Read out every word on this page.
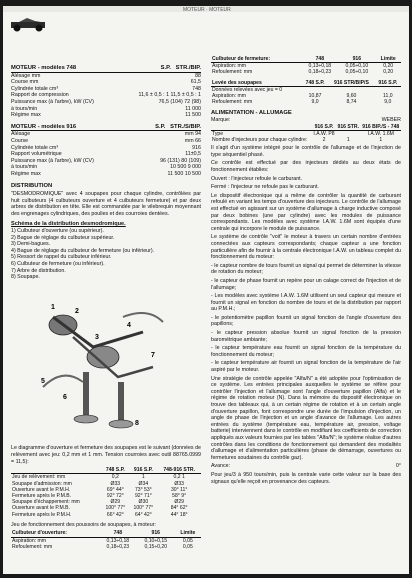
MOTEUR · MOTEUR
MOTEUR - modèles 748	S.P. STR./BIP.
Alésage mm	88
Course mm	61,5
Cylindrée totale cm³	748
Rapport de compression	11,6 ± 0,5 : 1 11,5 ± 0,5 : 1
Puissance max (à l'arbre), kW (CV)	76,5 (104) 72 (98)
à tours/min	11 000
Régime max	11 500
MOTEUR - modèles 916	S.P. STR./S/BIP.
Alésage	mm 94
Course	mm 66
Cylindrée totale cm³	916
Rapport volumétrique	11±0,5
Puissance max (à l'arbre), kW (CV)	96 (131) 80 (109)
à tours/min	10 500 9 000
Régime max	11 500 10 500
DISTRIBUTION
"DESMODROMIQUE" avec 4 soupapes pour chaque cylindre, contrôlées par huit culbuteurs (4 culbuteurs ouverture et 4 culbuteurs fermeture) et par deux arbres de distribution en tête. Elle est commandée par le vilebrequin moyennant des engrenages cylindriques, des poulies et des courroies dentées.
Schéma de la distribution desmodromique.
1) Culbuteur d'ouverture (ou supérieur).
2) Bague de réglage du culbuteur supérieur.
3) Demi-bagues.
4) Bague de réglage du culbuteur de fermeture (ou inférieur).
5) Ressort de rappel du culbuteur inférieur.
6) Culbuteur de fermeture (ou inférieur).
7) Arbre de distribution.
8) Soupape.
1
2
3
4
5
6
7
8
Le diagramme d'ouverture et fermeture des soupapes est le suivant (données de relèvement avec jeu: 0,2 mm et 1 mm. Tension courroies avec outil 88765.0999 = 11,5):
	748 S.P.	916 S.P.	748-916 STR.
Jeu de relèvement: mm	0,2	1	0,2 1
Soupape d'admission: mm	Ø33	Ø34	Ø33
Ouverture avant le P.M.H.	69° 44°	73° 53°	30° 11°
Fermeture après le P.M.B.	92° 72°	92° 71°	58° 9°
Soupape d'échappement: mm	Ø29	Ø30	Ø29
Ouverture avant le P.M.B.	100° 77°	100° 77°	84° 62°
Fermeture après le P.M.H.	66° 42°	64° 42°	44° 18°
Jeu de fonctionnement des poussoirs de soupapes, à moteur:
Culbuteur d'ouverture:	748	916	Limite
Aspiration: mm	0,13÷0,18	0,10÷0,15	0,05
Refoulement: mm	0,18÷0,23	0,15÷0,20	0,05
Culbuteur de fermeture:	748	916	Limite
Aspiration: mm	0,13÷0,18	0,05÷0,10	0,20
Refoulement: mm	0,18÷0,23	0,05÷0,10	0,20
Levée des soupapes	748 S.P.	916 STR/BIP/S	916 S.P.
Données relevées avec jeu = 0			
Aspiration: mm	10,87	9,60	11,0
Refoulement: mm	9,0	8,74	9,0
ALIMENTATION - ALLUMAGE
Marque:	WEBER
	916 S.P.	916 STR.	916 BIP./S - 748
Type	I.A.W. P8		I.A.W. 1.6M
Nombre d'injecteurs pour chaque cylindre:	2	1	1
Il s'agit d'un système intégré pour le contrôle de l'allumage et de l'injection de type séquentiel phasé.
Ce contrôle est effectué par des injecteurs dédiés au deux états de fonctionnement établies:
Ouvert : l'injecteur refoule le carburant.
Fermé : l'injecteur ne refoule pas le carburant.
Le dispositif électronique qui a même de contrôler la quantité de carburant refoulé en variant les temps d'ouverture des injecteurs. Le contrôle de l'allumage est effectué en agissant sur un système d'allumage à charge inductive composé par deux bobines (une par cylindre) avec les modules de puissance correspondants. Les modèles avec système I.A.W. 1.6M sont équipés d'une centrale qui incorpore le module de puissance.
Le système de contrôle "voit" le moteur à travers un certain nombre d'entrées connectées aux capteurs correspondants; chaque capteur a une fonction particulière afin de fournir à la centrale électronique I.A.W. un tableau complet du fonctionnement du moteur:
- le capteur nombre de tours fournit un signal qui permet de déterminer la vitesse de rotation du moteur;
- le capteur de phase fournit un repère pour un calage correct de l'injection et de l'allumage;
- Les modèles avec système I.A.W. 1.6M utilisent un seul capteur qui mesure et fournit un signal en fonction du nombre de tours et de la distribution par rapport au P.M.H.;
- le potentiomètre papillon fournit un signal fonction de l'angle d'ouverture des papillons;
- le capteur pression absolue fournit un signal fonction de la pression barométrique ambiante;
- le capteur température eau fournit un signal fonction de la température du fonctionnement du moteur;
- le capteur température air fournit un signal fonction de la température de l'air aspiré par le moteur.
Une stratégie de contrôle appelée "Alfa/N" a été adoptée pour l'optimisation de ce système. Les entrées principales auxquelles le système se réfère pour contrôler l'injection et l'allumage sont l'angle d'ouverture papillon (Alfa) et le régime de rotation moteur (N). Dans la mémoire du dispositif électronique on trouve des tableaux qui, à un certain régime de rotation et à un certain angle d'ouverture papillon, font correspondre une durée de l'impulsion d'injection, un angle de phase de l'injection et un angle d'avance de l'allumage. Les autres entrées du système (température eau, température air, pression, voltage batterie) interviennent dans le contrôle en modifiant les coefficients de correction appliqués aux valeurs fournies par les tables "Alfa/N"; le système réalise d'autres contrôles dans les conditions de fonctionnement qui demandent des modalités d'allumage et d'alimentation particulières (phase de démarrage, ouvertures ou fermetures soudaines du contrôle gaz).
Avance:	0°
Pour jeu/3 à 950 tours/min, puis la centrale varie cette valeur sur la base des signaux qu'elle reçoit en provenance des capteurs.
